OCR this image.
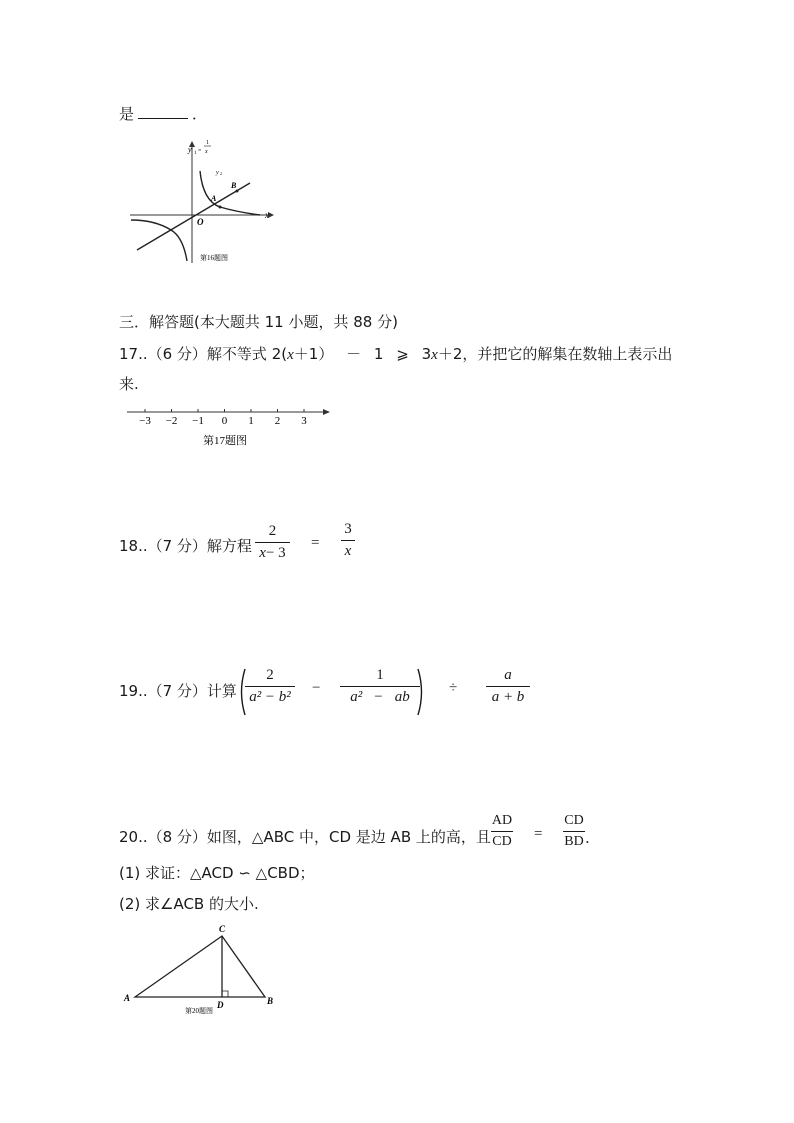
是	．
y 1 =
1
x
y 2
x
O
A
B
第16题图
三．解答题(本大题共 11 小题，共 88 分)
17..（6 分）解不等式 2(x＋1） － 1 ⩾ 3x＋2，并把它的解集在数轴上表示出
来.
−3 −2 −1 0 1 2 3
第17题图
18..（7 分）解方程
2
x− 3
=
3
x
19..（7 分）计算
2
a² − b²
−
1
a² − ab
÷
a
a + b
20..（8 分）如图，△ABC 中，CD 是边 AB 上的高，且
AD
CD =
CD
BD .
(1) 求证：△ACD ∽ △CBD；
(2) 求∠ACB 的大小.
C
A
D	B
第20题图
